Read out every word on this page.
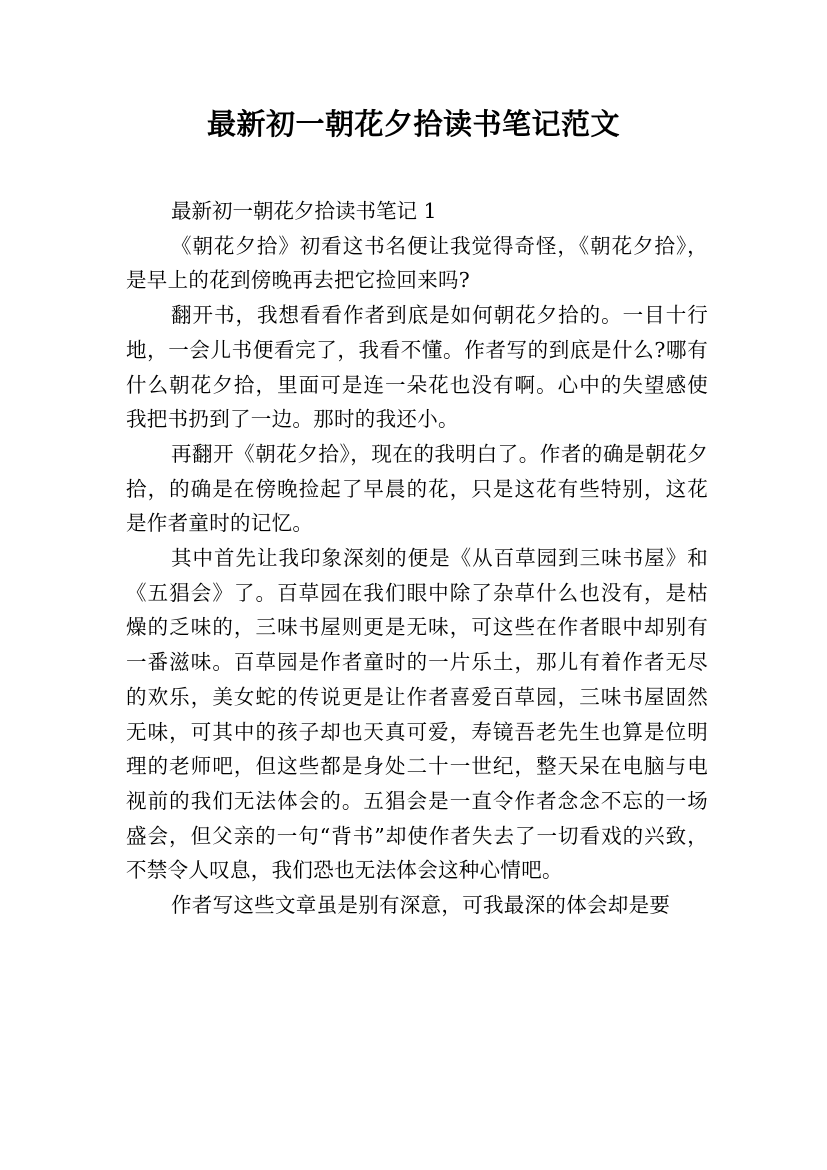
最新初一朝花夕拾读书笔记范文

最新初一朝花夕拾读书笔记 1

《朝花夕拾》初看这书名便让我觉得奇怪，《朝花夕拾》，是早上的花到傍晚再去把它捡回来吗?

翻开书，我想看看作者到底是如何朝花夕拾的。一目十行地，一会儿书便看完了，我看不懂。作者写的到底是什么?哪有什么朝花夕拾，里面可是连一朵花也没有啊。心中的失望感使我把书扔到了一边。那时的我还小。

再翻开《朝花夕拾》，现在的我明白了。作者的确是朝花夕拾，的确是在傍晚捡起了早晨的花，只是这花有些特别，这花是作者童时的记忆。

其中首先让我印象深刻的便是《从百草园到三味书屋》和《五猖会》了。百草园在我们眼中除了杂草什么也没有，是枯燥的乏味的，三味书屋则更是无味，可这些在作者眼中却别有一番滋味。百草园是作者童时的一片乐土，那儿有着作者无尽的欢乐，美女蛇的传说更是让作者喜爱百草园，三味书屋固然无味，可其中的孩子却也天真可爱，寿镜吾老先生也算是位明理的老师吧，但这些都是身处二十一世纪，整天呆在电脑与电视前的我们无法体会的。五猖会是一直令作者念念不忘的一场盛会，但父亲的一句“背书”却使作者失去了一切看戏的兴致，不禁令人叹息，我们恐也无法体会这种心情吧。

作者写这些文章虽是别有深意，可我最深的体会却是要
